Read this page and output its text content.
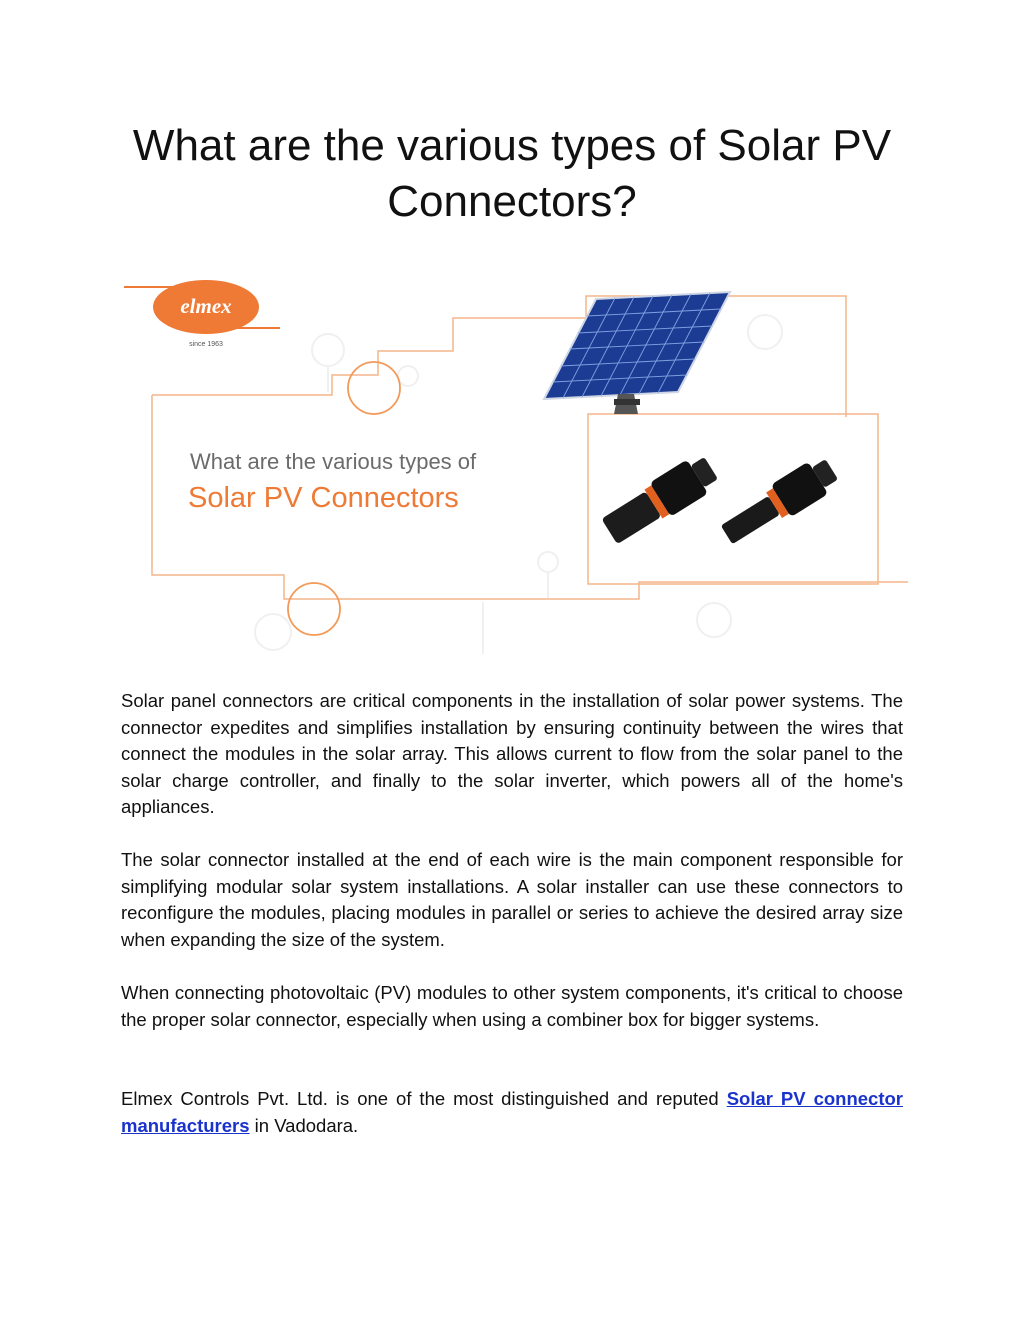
What are the various types of Solar PV Connectors?
elmex
since 1963
What are the various types of
Solar PV Connectors

Solar panel connectors are critical components in the installation of solar power systems. The connector expedites and simplifies installation by ensuring continuity between the wires that connect the modules in the solar array. This allows current to flow from the solar panel to the solar charge controller, and finally to the solar inverter, which powers all of the home's appliances.

The solar connector installed at the end of each wire is the main component responsible for simplifying modular solar system installations. A solar installer can use these connectors to reconfigure the modules, placing modules in parallel or series to achieve the desired array size when expanding the size of the system.

When connecting photovoltaic (PV) modules to other system components, it's critical to choose the proper solar connector, especially when using a combiner box for bigger systems.

Elmex Controls Pvt. Ltd. is one of the most distinguished and reputed Solar PV connector manufacturers in Vadodara.
